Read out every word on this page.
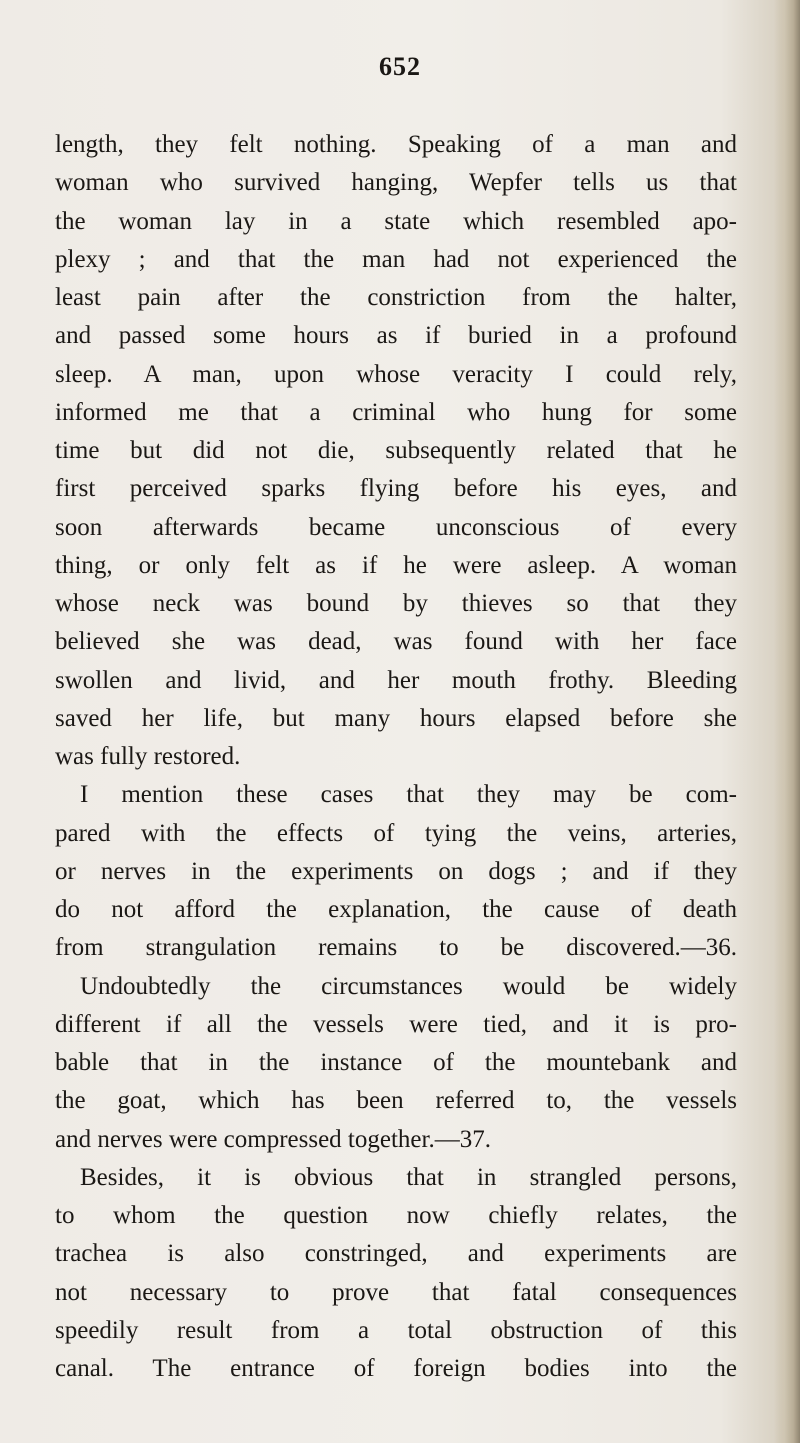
652

length, they felt nothing. Speaking of a man and
woman who survived hanging, Wepfer tells us that
the woman lay in a state which resembled apo-
plexy ; and that the man had not experienced the
least pain after the constriction from the halter,
and passed some hours as if buried in a profound
sleep. A man, upon whose veracity I could rely,
informed me that a criminal who hung for some
time but did not die, subsequently related that he
first perceived sparks flying before his eyes, and
soon afterwards became unconscious of every
thing, or only felt as if he were asleep. A woman
whose neck was bound by thieves so that they
believed she was dead, was found with her face
swollen and livid, and her mouth frothy. Bleeding
saved her life, but many hours elapsed before she
was fully restored.
I mention these cases that they may be com-
pared with the effects of tying the veins, arteries,
or nerves in the experiments on dogs ; and if they
do not afford the explanation, the cause of death
from strangulation remains to be discovered.—36.
Undoubtedly the circumstances would be widely
different if all the vessels were tied, and it is pro-
bable that in the instance of the mountebank and
the goat, which has been referred to, the vessels
and nerves were compressed together.—37.
Besides, it is obvious that in strangled persons,
to whom the question now chiefly relates, the
trachea is also constringed, and experiments are
not necessary to prove that fatal consequences
speedily result from a total obstruction of this
canal. The entrance of foreign bodies into the
